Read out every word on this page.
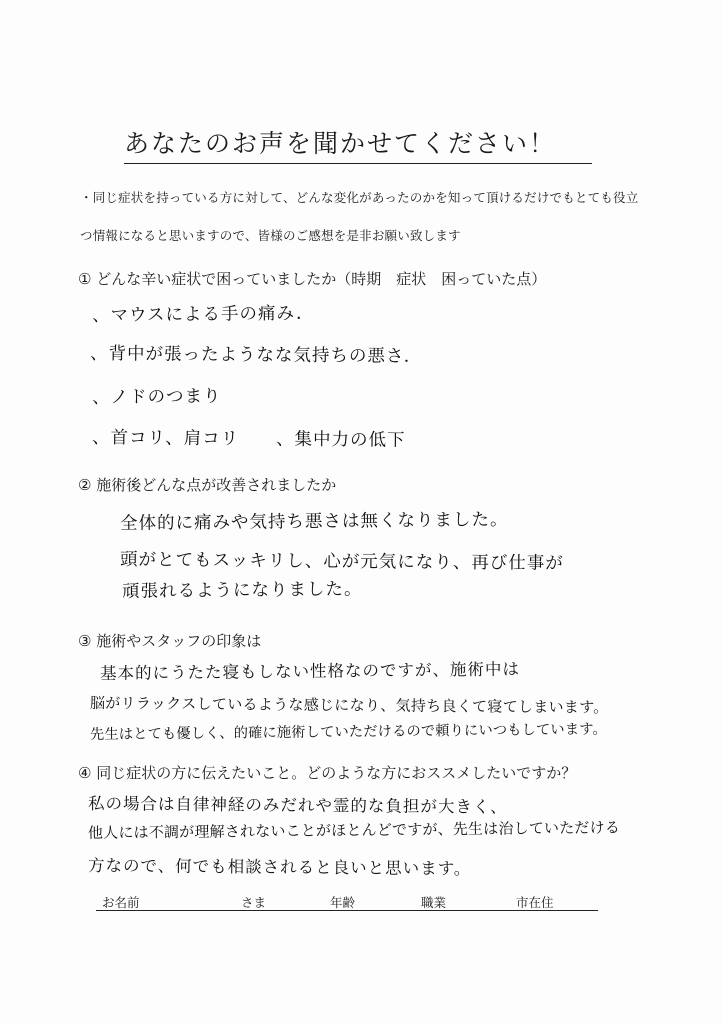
あなたのお声を聞かせてください！
・同じ症状を持っている方に対して、どんな変化があったのかを知って頂けるだけでもとても役立
つ情報になると思いますので、皆様のご感想を是非お願い致します
① どんな辛い症状で困っていましたか（時期　症状　困っていた点）
、マウスによる手の痛み．
、背中が張ったようなな気持ちの悪さ．
、ノドのつまり
、首コリ、肩コリ　　、集中力の低下
② 施術後どんな点が改善されましたか
全体的に痛みや気持ち悪さは無くなりました。
頭がとてもスッキリし、心が元気になり、再び仕事が
頑張れるようになりました。
③ 施術やスタッフの印象は
基本的にうたた寝もしない性格なのですが、施術中は
脳がリラックスしているような感じになり、気持ち良くて寝てしまいます。
先生はとても優しく、的確に施術していただけるので頼りにいつもしています。
④ 同じ症状の方に伝えたいこと。どのような方におススメしたいですか？
私の場合は自律神経のみだれや霊的な負担が大きく、
他人には不調が理解されないことがほとんどですが、先生は治していただける
方なので、何でも相談されると良いと思います。
お名前	さま	年齢	職業	市在住
